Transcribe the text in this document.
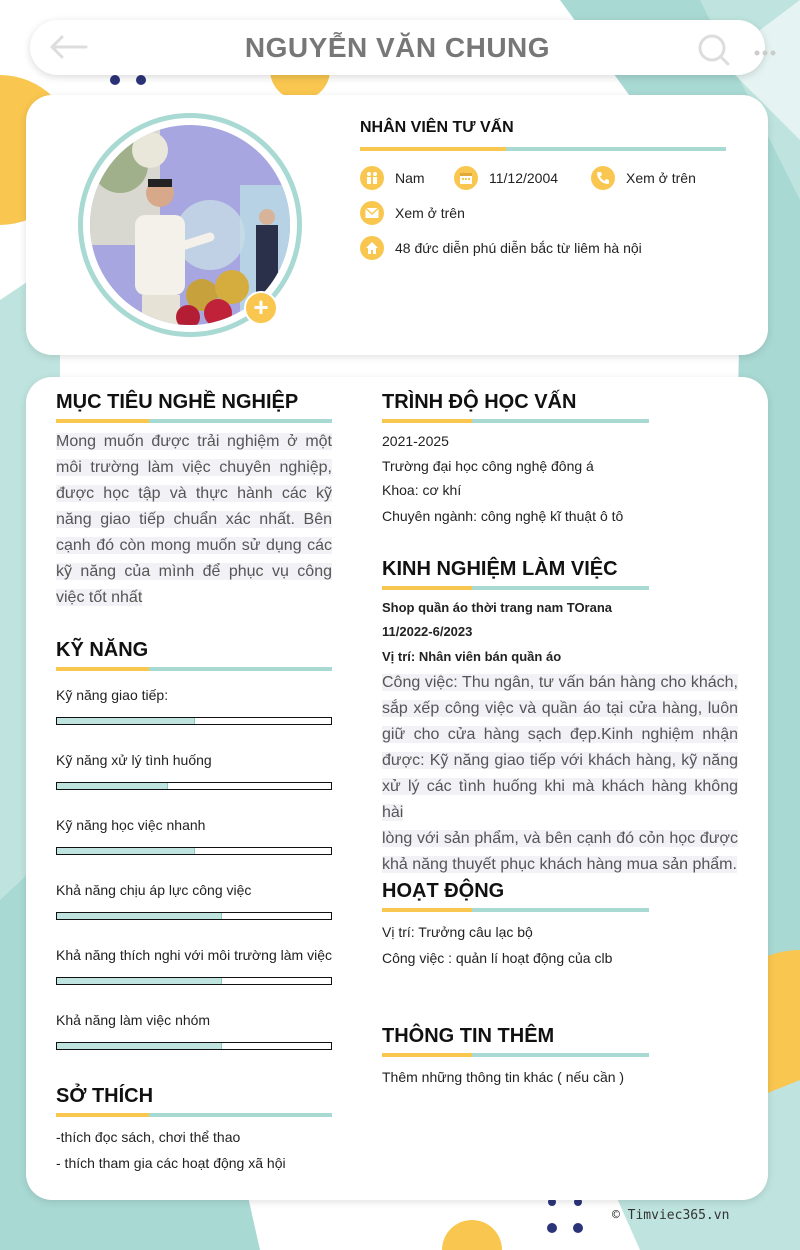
NGUYỄN VĂN CHUNG
+
NHÂN VIÊN TƯ VẤN
Nam	11/12/2004	Xem ở trên
Xem ở trên
48 đức diễn phú diễn bắc từ liêm hà nội
MỤC TIÊU NGHỀ NGHIỆP
Mong muốn được trải nghiệm ở một
môi trường làm việc chuyên nghiệp,
được học tập và thực hành các kỹ
năng giao tiếp chuẩn xác nhất. Bên
cạnh đó còn mong muốn sử dụng các
kỹ năng của mình để phục vụ công
việc tốt nhất
KỸ NĂNG
Kỹ năng giao tiếp:
Kỹ năng xử lý tình huống
Kỹ năng học việc nhanh
Khả năng chịu áp lực công việc
Khả năng thích nghi với môi trường làm việc
Khả năng làm việc nhóm
SỞ THÍCH
-thích đọc sách, chơi thể thao
- thích tham gia các hoạt động xã hội
TRÌNH ĐỘ HỌC VẤN
2021-2025
Trường đại học công nghệ đông á
Khoa: cơ khí
Chuyên ngành: công nghệ kĩ thuật ô tô
KINH NGHIỆM LÀM VIỆC
Shop quần áo thời trang nam TOrana
11/2022-6/2023
Vị trí: Nhân viên bán quần áo
Công việc: Thu ngân, tư vấn bán hàng cho khách,
sắp xếp công việc và quần áo tại cửa hàng, luôn
giữ cho cửa hàng sạch đẹp.Kinh nghiệm nhận
được: Kỹ năng giao tiếp với khách hàng, kỹ năng
xử lý các tình huống khi mà khách hàng không hài
lòng với sản phẩm, và bên cạnh đó cỏn học được
khả năng thuyết phục khách hàng mua sản phẩm.
HOẠT ĐỘNG
Vị trí: Trưởng câu lạc bộ
Công việc : quản lí hoạt động của clb
THÔNG TIN THÊM
Thêm những thông tin khác ( nếu cần )
© Timviec365.vn
